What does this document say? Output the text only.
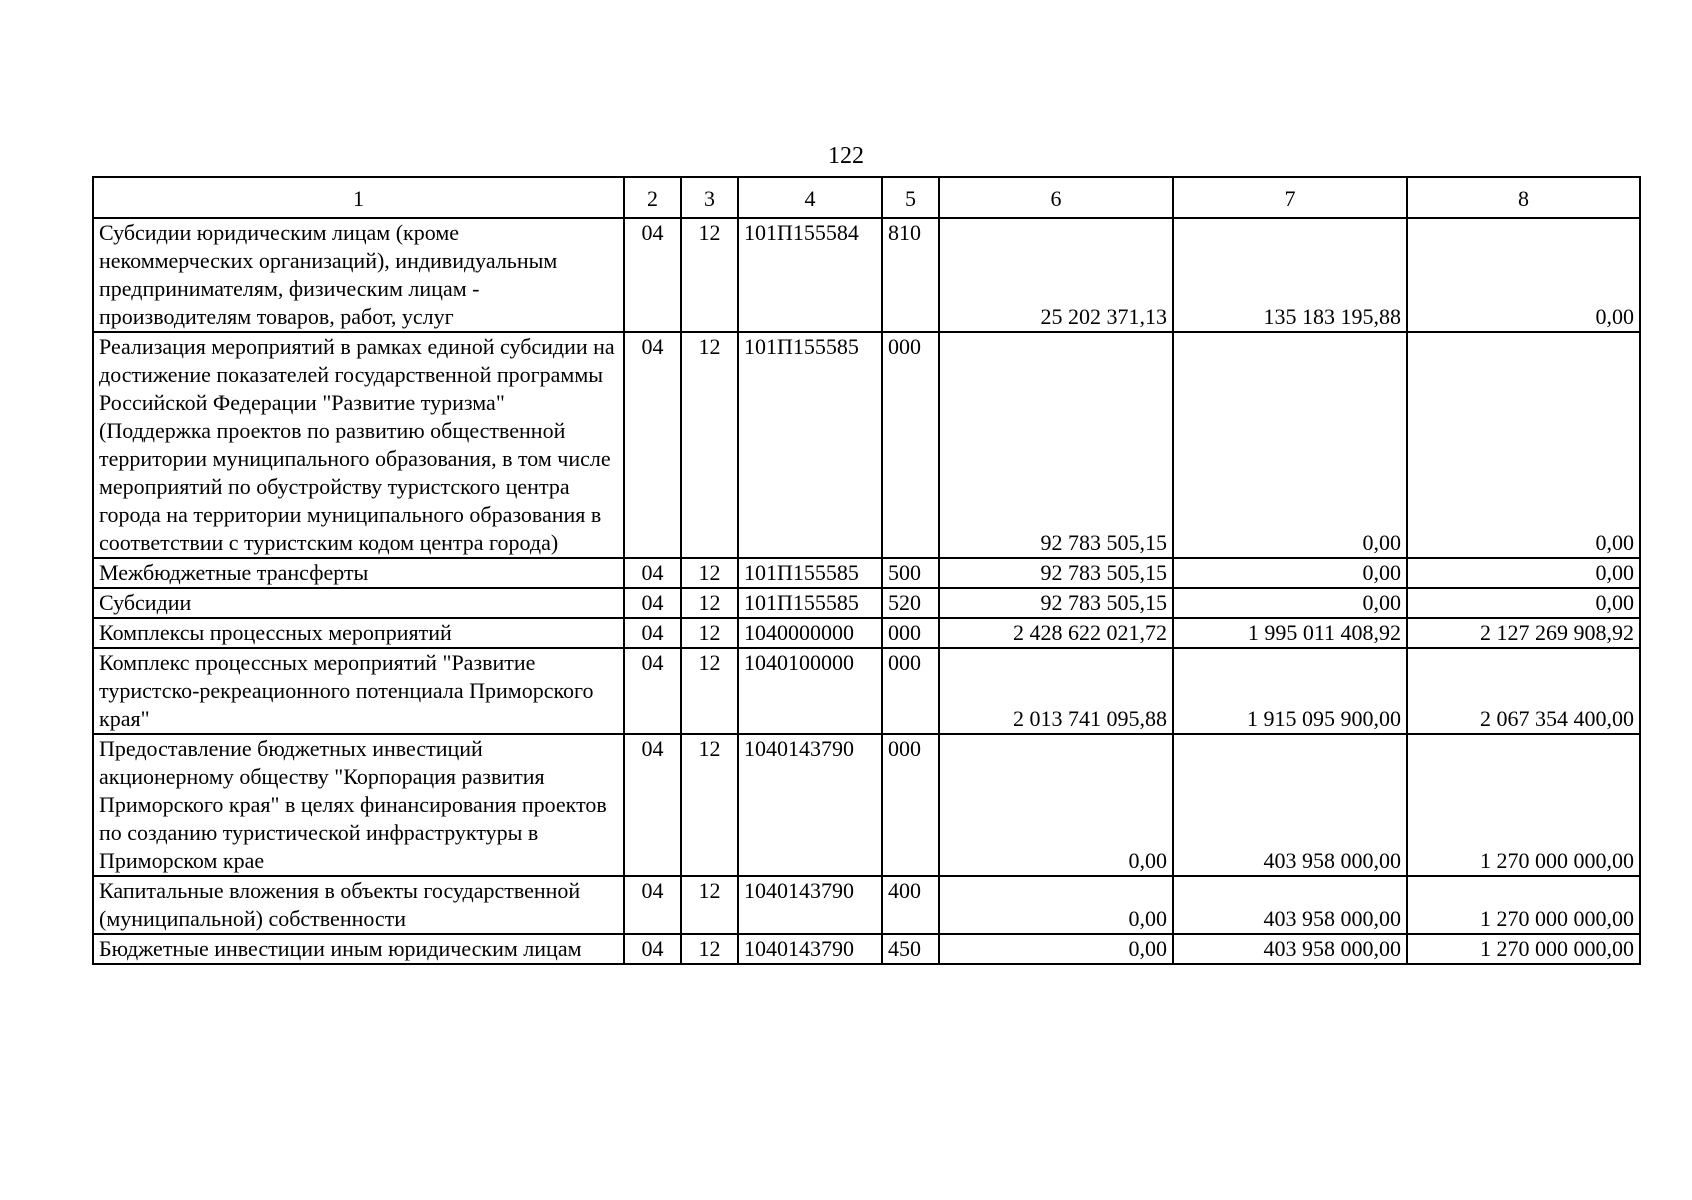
122
1	2	3	4	5	6	7	8
Субсидии юридическим лицам (кроме некоммерческих организаций), индивидуальным предпринимателям, физическим лицам - производителям товаров, работ, услуг	04	12	101П155584	810	25 202 371,13	135 183 195,88	0,00
Реализация мероприятий в рамках единой субсидии на достижение показателей государственной программы Российской Федерации "Развитие туризма" (Поддержка проектов по развитию общественной территории муниципального образования, в том числе мероприятий по обустройству туристского центра города на территории муниципального образования в соответствии с туристским кодом центра города)	04	12	101П155585	000	92 783 505,15	0,00	0,00
Межбюджетные трансферты	04	12	101П155585	500	92 783 505,15	0,00	0,00
Субсидии	04	12	101П155585	520	92 783 505,15	0,00	0,00
Комплексы процессных мероприятий	04	12	1040000000	000	2 428 622 021,72	1 995 011 408,92	2 127 269 908,92
Комплекс процессных мероприятий "Развитие туристско-рекреационного потенциала Приморского края"	04	12	1040100000	000	2 013 741 095,88	1 915 095 900,00	2 067 354 400,00
Предоставление бюджетных инвестиций акционерному обществу "Корпорация развития Приморского края" в целях финансирования проектов по созданию туристической инфраструктуры в Приморском крае	04	12	1040143790	000	0,00	403 958 000,00	1 270 000 000,00
Капитальные вложения в объекты государственной (муниципальной) собственности	04	12	1040143790	400	0,00	403 958 000,00	1 270 000 000,00
Бюджетные инвестиции иным юридическим лицам	04	12	1040143790	450	0,00	403 958 000,00	1 270 000 000,00
